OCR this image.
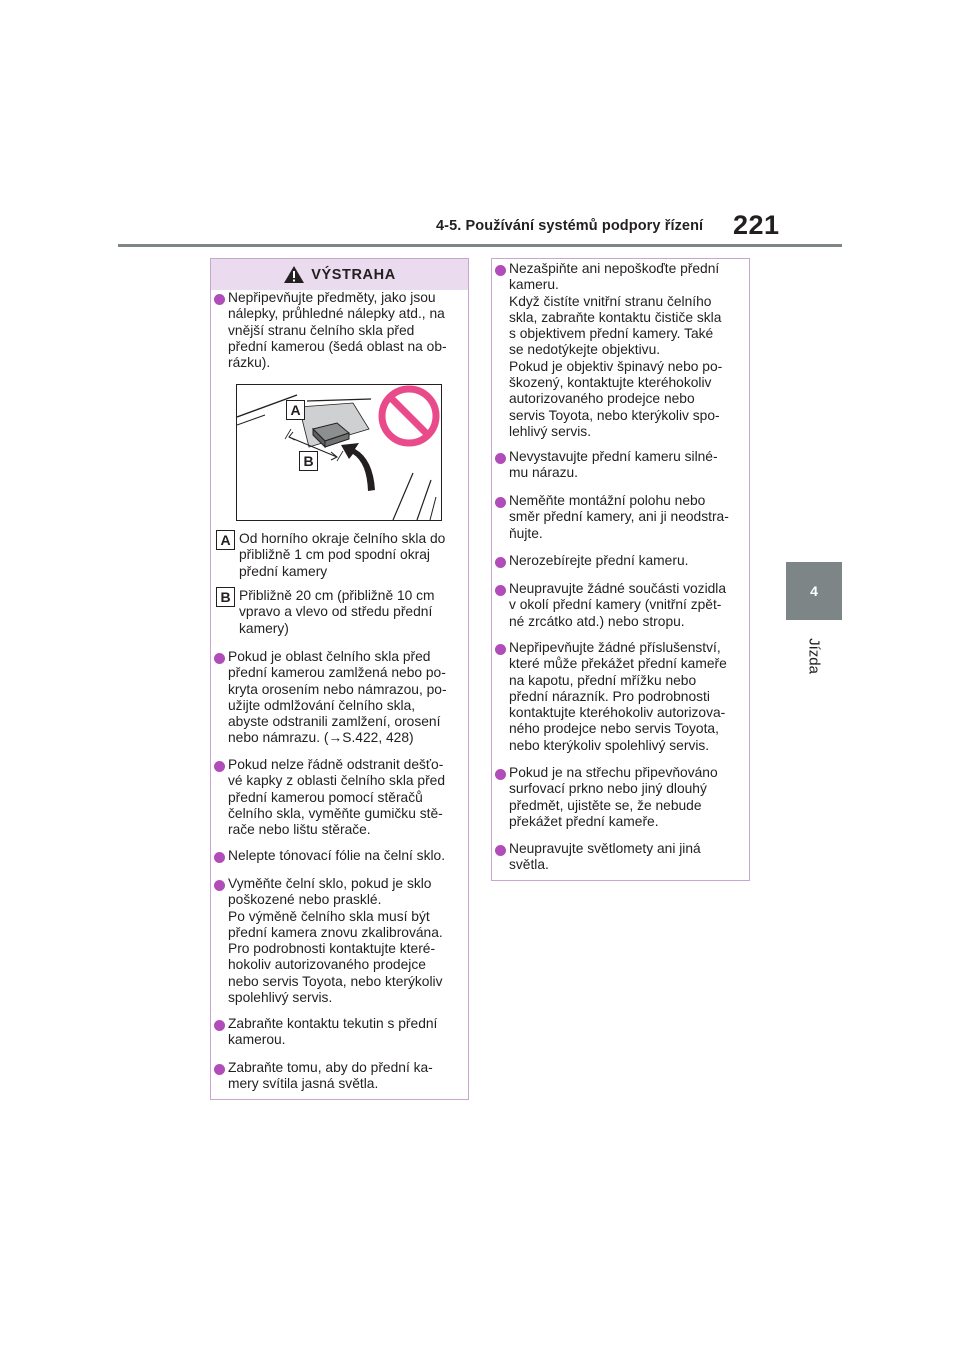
4-5. Používání systémů podpory řízení 221
4
Jízda
VÝSTRAHA
Nepřipevňujte předměty, jako jsou
nálepky, průhledné nálepky atd., na
vnější stranu čelního skla před
přední kamerou (šedá oblast na ob-
rázku).
A
B
A Od horního okraje čelního skla do
přibližně 1 cm pod spodní okraj
přední kamery
B Přibližně 20 cm (přibližně 10 cm
vpravo a vlevo od středu přední
kamery)
Pokud je oblast čelního skla před
přední kamerou zamlžená nebo po-
kryta orosením nebo námrazou, po-
užijte odmlžování čelního skla,
abyste odstranili zamlžení, orosení
nebo námrazu. (→S.422, 428)
Pokud nelze řádně odstranit dešťo-
vé kapky z oblasti čelního skla před
přední kamerou pomocí stěračů
čelního skla, vyměňte gumičku stě-
rače nebo lištu stěrače.
Nelepte tónovací fólie na čelní sklo.
Vyměňte čelní sklo, pokud je sklo
poškozené nebo prasklé.
Po výměně čelního skla musí být
přední kamera znovu zkalibrována.
Pro podrobnosti kontaktujte které-
hokoliv autorizovaného prodejce
nebo servis Toyota, nebo kterýkoliv
spolehlivý servis.
Zabraňte kontaktu tekutin s přední
kamerou.
Zabraňte tomu, aby do přední ka-
mery svítila jasná světla.
Nezašpiňte ani nepoškoďte přední
kameru.
Když čistíte vnitřní stranu čelního
skla, zabraňte kontaktu čističe skla
s objektivem přední kamery. Také
se nedotýkejte objektivu.
Pokud je objektiv špinavý nebo po-
škozený, kontaktujte kteréhokoliv
autorizovaného prodejce nebo
servis Toyota, nebo kterýkoliv spo-
lehlivý servis.
Nevystavujte přední kameru silné-
mu nárazu.
Neměňte montážní polohu nebo
směr přední kamery, ani ji neodstra-
ňujte.
Nerozebírejte přední kameru.
Neupravujte žádné součásti vozidla
v okolí přední kamery (vnitřní zpět-
né zrcátko atd.) nebo stropu.
Nepřipevňujte žádné příslušenství,
které může překážet přední kameře
na kapotu, přední mřížku nebo
přední nárazník. Pro podrobnosti
kontaktujte kteréhokoliv autorizova-
ného prodejce nebo servis Toyota,
nebo kterýkoliv spolehlivý servis.
Pokud je na střechu připevňováno
surfovací prkno nebo jiný dlouhý
předmět, ujistěte se, že nebude
překážet přední kameře.
Neupravujte světlomety ani jiná
světla.
